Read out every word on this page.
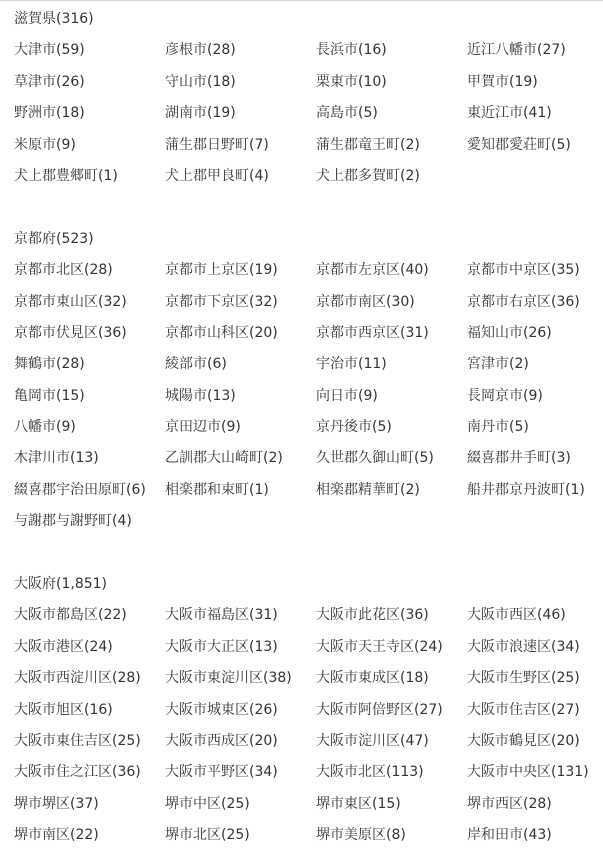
滋賀県(316)
大津市(59)	彦根市(28)	長浜市(16)	近江八幡市(27)
草津市(26)	守山市(18)	栗東市(10)	甲賀市(19)
野洲市(18)	湖南市(19)	高島市(5)	東近江市(41)
米原市(9)	蒲生郡日野町(7)	蒲生郡竜王町(2)	愛知郡愛荘町(5)
犬上郡豊郷町(1)	犬上郡甲良町(4)	犬上郡多賀町(2)
京都府(523)
京都市北区(28)	京都市上京区(19)	京都市左京区(40)	京都市中京区(35)
京都市東山区(32)	京都市下京区(32)	京都市南区(30)	京都市右京区(36)
京都市伏見区(36)	京都市山科区(20)	京都市西京区(31)	福知山市(26)
舞鶴市(28)	綾部市(6)	宇治市(11)	宮津市(2)
亀岡市(15)	城陽市(13)	向日市(9)	長岡京市(9)
八幡市(9)	京田辺市(9)	京丹後市(5)	南丹市(5)
木津川市(13)	乙訓郡大山崎町(2)	久世郡久御山町(5)	綴喜郡井手町(3)
綴喜郡宇治田原町(6)	相楽郡和束町(1)	相楽郡精華町(2)	船井郡京丹波町(1)
与謝郡与謝野町(4)
大阪府(1,851)
大阪市都島区(22)	大阪市福島区(31)	大阪市此花区(36)	大阪市西区(46)
大阪市港区(24)	大阪市大正区(13)	大阪市天王寺区(24)	大阪市浪速区(34)
大阪市西淀川区(28)	大阪市東淀川区(38)	大阪市東成区(18)	大阪市生野区(25)
大阪市旭区(16)	大阪市城東区(26)	大阪市阿倍野区(27)	大阪市住吉区(27)
大阪市東住吉区(25)	大阪市西成区(20)	大阪市淀川区(47)	大阪市鶴見区(20)
大阪市住之江区(36)	大阪市平野区(34)	大阪市北区(113)	大阪市中央区(131)
堺市堺区(37)	堺市中区(25)	堺市東区(15)	堺市西区(28)
堺市南区(22)	堺市北区(25)	堺市美原区(8)	岸和田市(43)
